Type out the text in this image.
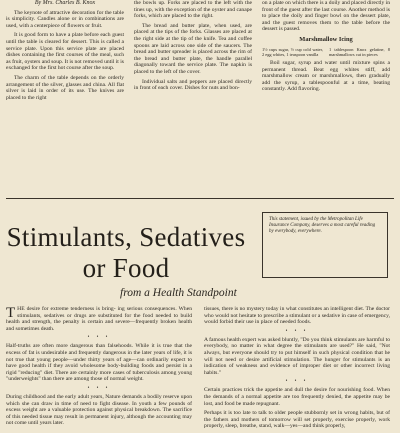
By Mrs. Charles B. Knox

The keynote of attractive decoration for the table is simplicity. Candles alone or in combinations are used, with a centerpiece of flowers or fruit.

It is good form to have a plate before each guest until the table is cleared for dessert. This is called a service plate. Upon this service plate are placed dishes containing the first courses of the meal, such as fruit, oysters and soup. It is not removed until it is exchanged for the first hot course after the soup.

The charm of the table depends on the orderly arrangement of the silver, glasses and china. All flat silver is laid in order of its use. The knives are placed to the right

the bowls up. Forks are placed to the left with the tines up, with the exception of the oyster and canape forks, which are placed to the right.

The bread and butter plate, when used, are placed at the tips of the forks. Glasses are placed at the right side at the tip of the knife. Tea and coffee spoons are laid across one side of the saucers. The bread and butter spreader is placed across the rim of the bread and butter plate, the handle parallel diagonally toward the service plate. The napkin is placed to the left of the cover.

Individual salts and peppers are placed directly in front of each cover. Dishes for nuts and bon-

on a plate on which there is a doily and placed directly in front of the guest after the last course. Another method is to place the doily and finger bowl on the dessert plate, and the guest removes them to the table before the dessert is passed.

Marshmallow Icing
1½ cups sugar, ½ cup cold water, 2 egg whites, 1 teaspoon vanilla
1 tablespoon Knox gelatine, 8 marshmallows cut in pieces

Boil sugar, syrup and water until mixture spins a permanent thread. Beat egg whites stiff, add marshmallow cream or marshmallows, then gradually add the syrup, a tablespoonful at a time, beating constantly. Add flavoring.

Stimulants, Sedatives
or Food
from a Health Standpoint
This statement, issued by the Metropolitan Life Insurance Company, deserves a most careful reading by everybody, everywhere.

THE desire for extreme tenderness is bring- ing serious consequences. When stimulants, sedatives or drugs are substituted for the food needed to build health and strength, the penalty is certain and severe—frequently broken health and sometimes death.

• • •

Half-truths are often more dangerous than falsehoods. While it is true that the excess of fat is undesirable and frequently dangerous in the later years of life, it is not true that young people—under thirty years of age—can ordinarily expect to have good health if they avoid wholesome body-building foods and persist in a rigid "reducing" diet. There are certainly more cases of tuberculosis among young "underweights" than there are among those of normal weight.

• • •

During childhood and the early adult years, Nature demands a bodily reserve upon which she can draw in time of need to fight disease. In youth a few pounds of excess weight are a valuable protection against physical breakdown. The sacrifice of this needed tissue may result in permanent injury, although the accounting may not come until years later.

tissues, there is no mystery today in what constitutes an intelligent diet. The doctor who would not hesitate to prescribe a stimulant or a sedative in case of emergency, would forbid their use in place of needed foods.

• • •

A famous health expert was asked bluntly, "Do you think stimulants are harmful to everybody, no matter in what degree the stimulants are used?" He said, "Not always, but everyone should try to put himself in such physical condition that he will not need or desire artificial stimulation. The hunger for stimulants is an indication of weakness and evidence of improper diet or other incorrect living habits."

• • •

Certain practices trick the appetite and dull the desire for nourishing food. When the demands of a normal appetite are too frequently denied, the appetite may be lost, and food be made repugnant.

Perhaps it is too late to talk to older people stubbornly set in wrong habits, but of the fathers and mothers of tomorrow will set properly, exercise properly, work properly, sleep, breathe, stand, walk—yes—and think properly,
